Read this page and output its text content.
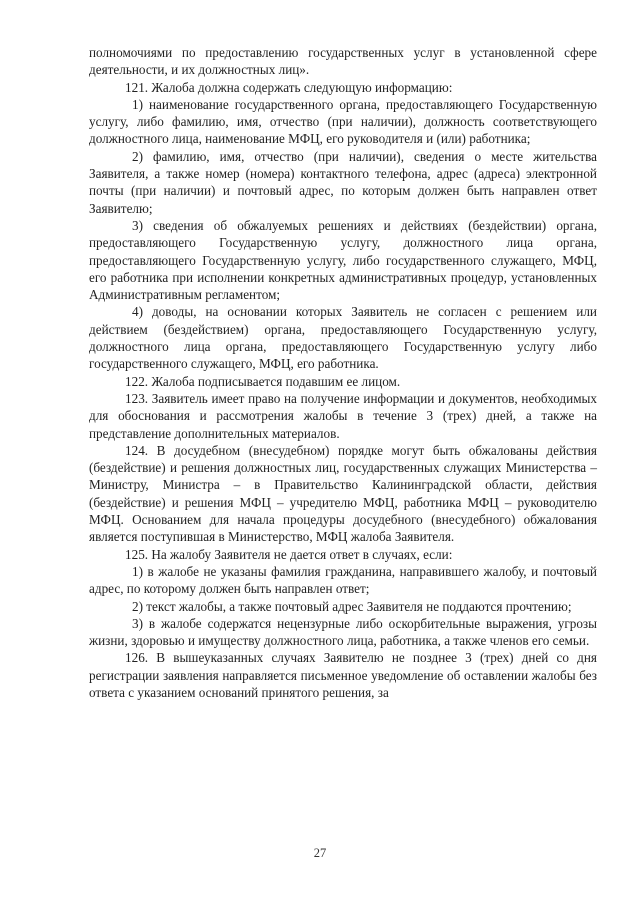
полномочиями по предоставлению государственных услуг в установленной сфере деятельности, и их должностных лиц».

121. Жалоба должна содержать следующую информацию:

1) наименование государственного органа, предоставляющего Государственную услугу, либо фамилию, имя, отчество (при наличии), должность соответствующего должностного лица, наименование МФЦ, его руководителя и (или) работника;

2) фамилию, имя, отчество (при наличии), сведения о месте жительства Заявителя, а также номер (номера) контактного телефона, адрес (адреса) электронной почты (при наличии) и почтовый адрес, по которым должен быть направлен ответ Заявителю;

3) сведения об обжалуемых решениях и действиях (бездействии) органа, предоставляющего Государственную услугу, должностного лица органа, предоставляющего Государственную услугу, либо государственного служащего, МФЦ, его работника при исполнении конкретных административных процедур, установленных Административным регламентом;

4) доводы, на основании которых Заявитель не согласен с решением или действием (бездействием) органа, предоставляющего Государственную услугу, должностного лица органа, предоставляющего Государственную услугу либо государственного служащего, МФЦ, его работника.

122. Жалоба подписывается подавшим ее лицом.

123. Заявитель имеет право на получение информации и документов, необходимых для обоснования и рассмотрения жалобы в течение 3 (трех) дней, а также на представление дополнительных материалов.

124. В досудебном (внесудебном) порядке могут быть обжалованы действия (бездействие) и решения должностных лиц, государственных служащих Министерства – Министру, Министра – в Правительство Калининградской области, действия (бездействие) и решения МФЦ – учредителю МФЦ, работника МФЦ – руководителю МФЦ. Основанием для начала процедуры досудебного (внесудебного) обжалования является поступившая в Министерство, МФЦ жалоба Заявителя.

125. На жалобу Заявителя не дается ответ в случаях, если:

1) в жалобе не указаны фамилия гражданина, направившего жалобу, и почтовый адрес, по которому должен быть направлен ответ;

2) текст жалобы, а также почтовый адрес Заявителя не поддаются прочтению;

3) в жалобе содержатся нецензурные либо оскорбительные выражения, угрозы жизни, здоровью и имуществу должностного лица, работника, а также членов его семьи.

126. В вышеуказанных случаях Заявителю не позднее 3 (трех) дней со дня регистрации заявления направляется письменное уведомление об оставлении жалобы без ответа с указанием оснований принятого решения, за

27
